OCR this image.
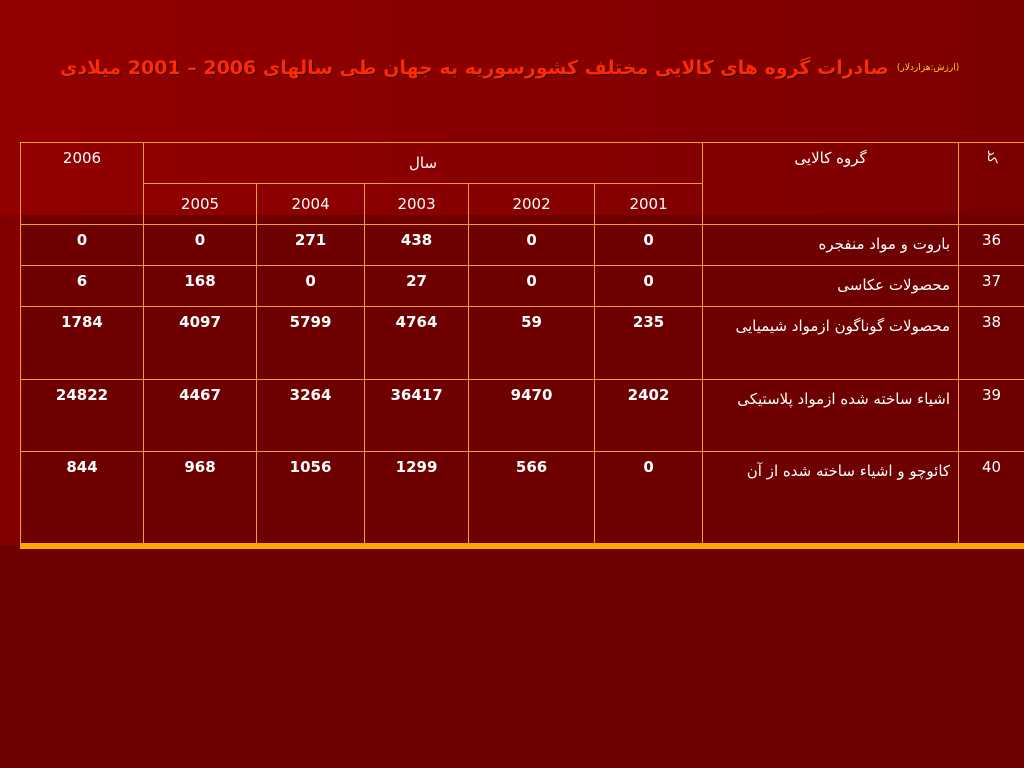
صادرات گروه های کالایی مختلف کشورسوریه به جهان طی سالهای 2006 – 2001 میلادی (ارزش:هزاردلار)
کد	گروه کالایی	سال					2006
		2001	2002	2003	2004	2005	
36	باروت و مواد منفجره	0	0	438	271	0	0
37	محصولات عکاسی	0	0	27	0	168	6
38	محصولات گوناگون ازمواد شیمیایی	235	59	4764	5799	4097	1784
39	اشیاء ساخته شده ازمواد پلاستیکی	2402	9470	36417	3264	4467	24822
40	کائوچو و اشیاء ساخته شده از آن	0	566	1299	1056	968	844
